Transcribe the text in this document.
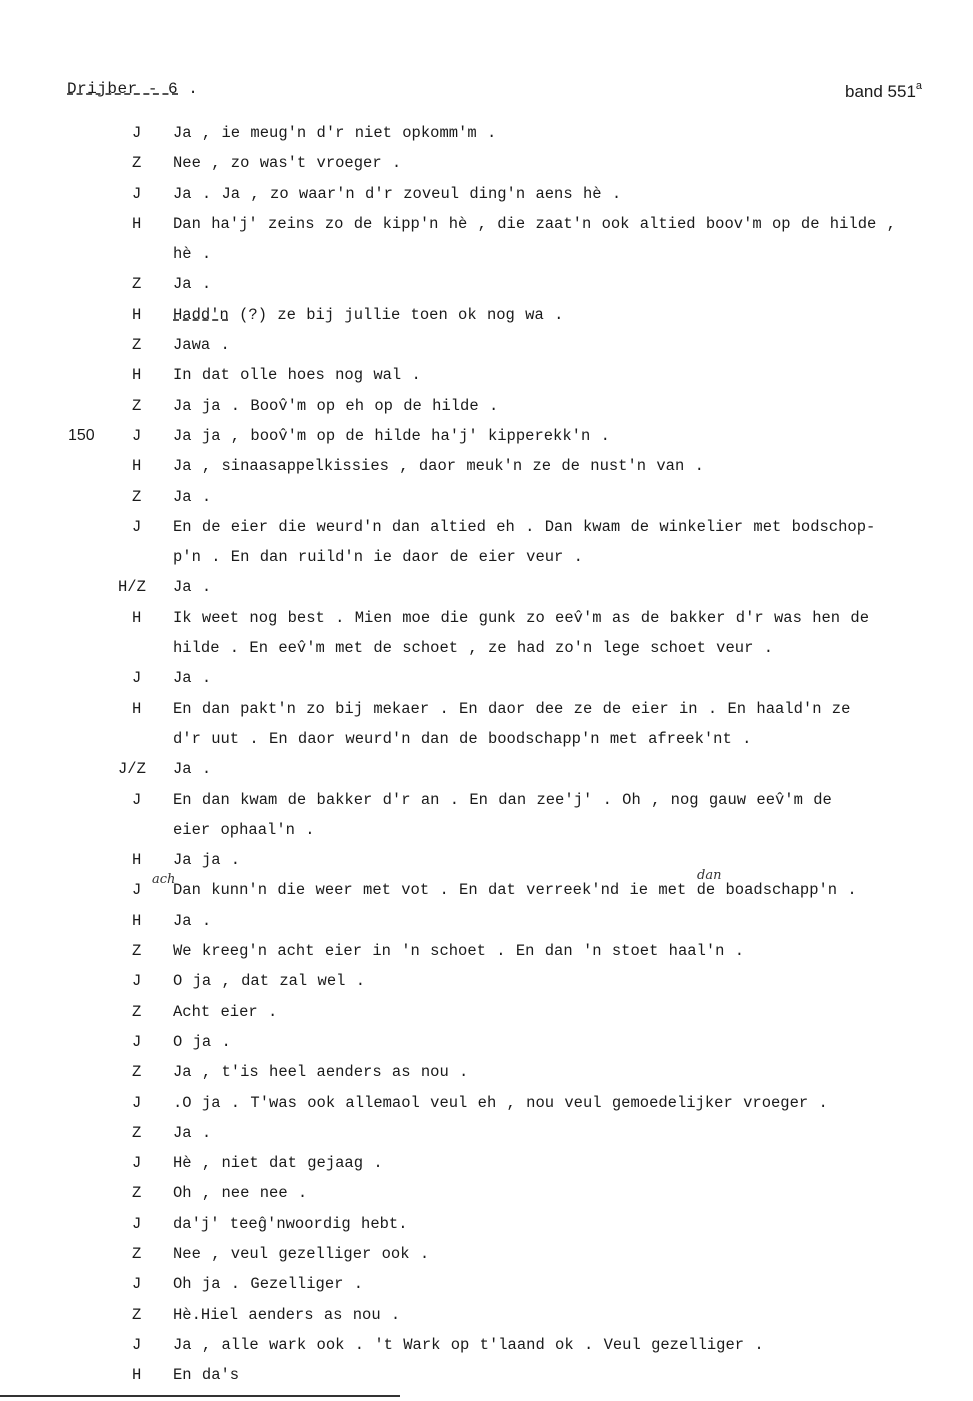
Drijber - 6 .	band 551$^a$
J Ja , ie meug'n d'r niet opkomm'm .
Z Nee , zo was't vroeger .
J Ja . Ja , zo waar'n d'r zoveul ding'n aens hè .
H Dan ha'j' zeins zo de kipp'n hè , die zaat'n ook altied boov'm op de hilde ,
hè .
Z Ja .
H Hadd'n (?) ze bij jullie toen ok nog wa .
Z Jawa .
H In dat olle hoes nog wal .
Z Ja ja . Boov̂'m op eh op de hilde .
150 J Ja ja , boov̂'m op de hilde ha'j' kipperekk'n .
H Ja , sinaasappelkissies , daor meuk'n ze de nust'n van .
Z Ja .
J En de eier die weurd'n dan altied eh . Dan kwam de winkelier met bodschop-
p'n . En dan ruild'n ie daor de eier veur .
H/Z Ja .
H Ik weet nog best . Mien moe die gunk zo eev̂'m as de bakker d'r was hen de
hilde . En eev̂'m met de schoet , ze had zo'n lege schoet veur .
J Ja .
H En dan pakt'n zo bij mekaer . En daor dee ze de eier in . En haald'n ze
d'r uut . En daor weurd'n dan de boodschapp'n met afreek'nt .
J/Z Ja .
J En dan kwam de bakker d'r an . En dan zee'j' . Oh , nog gauw eev̂'m de
eier ophaal'n .
H Ja ja .
J Dan kunn'n die weer met vot . En dat verreek'nd ie met de boadschapp'n .
ach	dan
H Ja .
Z We kreeg'n acht eier in 'n schoet . En dan 'n stoet haal'n .
J O ja , dat zal wel .
Z Acht eier .
J O ja .
Z Ja , t'is heel aenders as nou .
J .O ja . T'was ook allemaol veul eh , nou veul gemoedelijker vroeger .
Z Ja .
J Hè , niet dat gejaag .
Z Oh , nee nee .
J da'j' teeĝ'nwoordig hebt.
Z Nee , veul gezelliger ook .
J Oh ja . Gezelliger .
Z Hè.Hiel aenders as nou .
J Ja , alle wark ook . 't Wark op t'laand ok . Veul gezelliger .
H En da's
